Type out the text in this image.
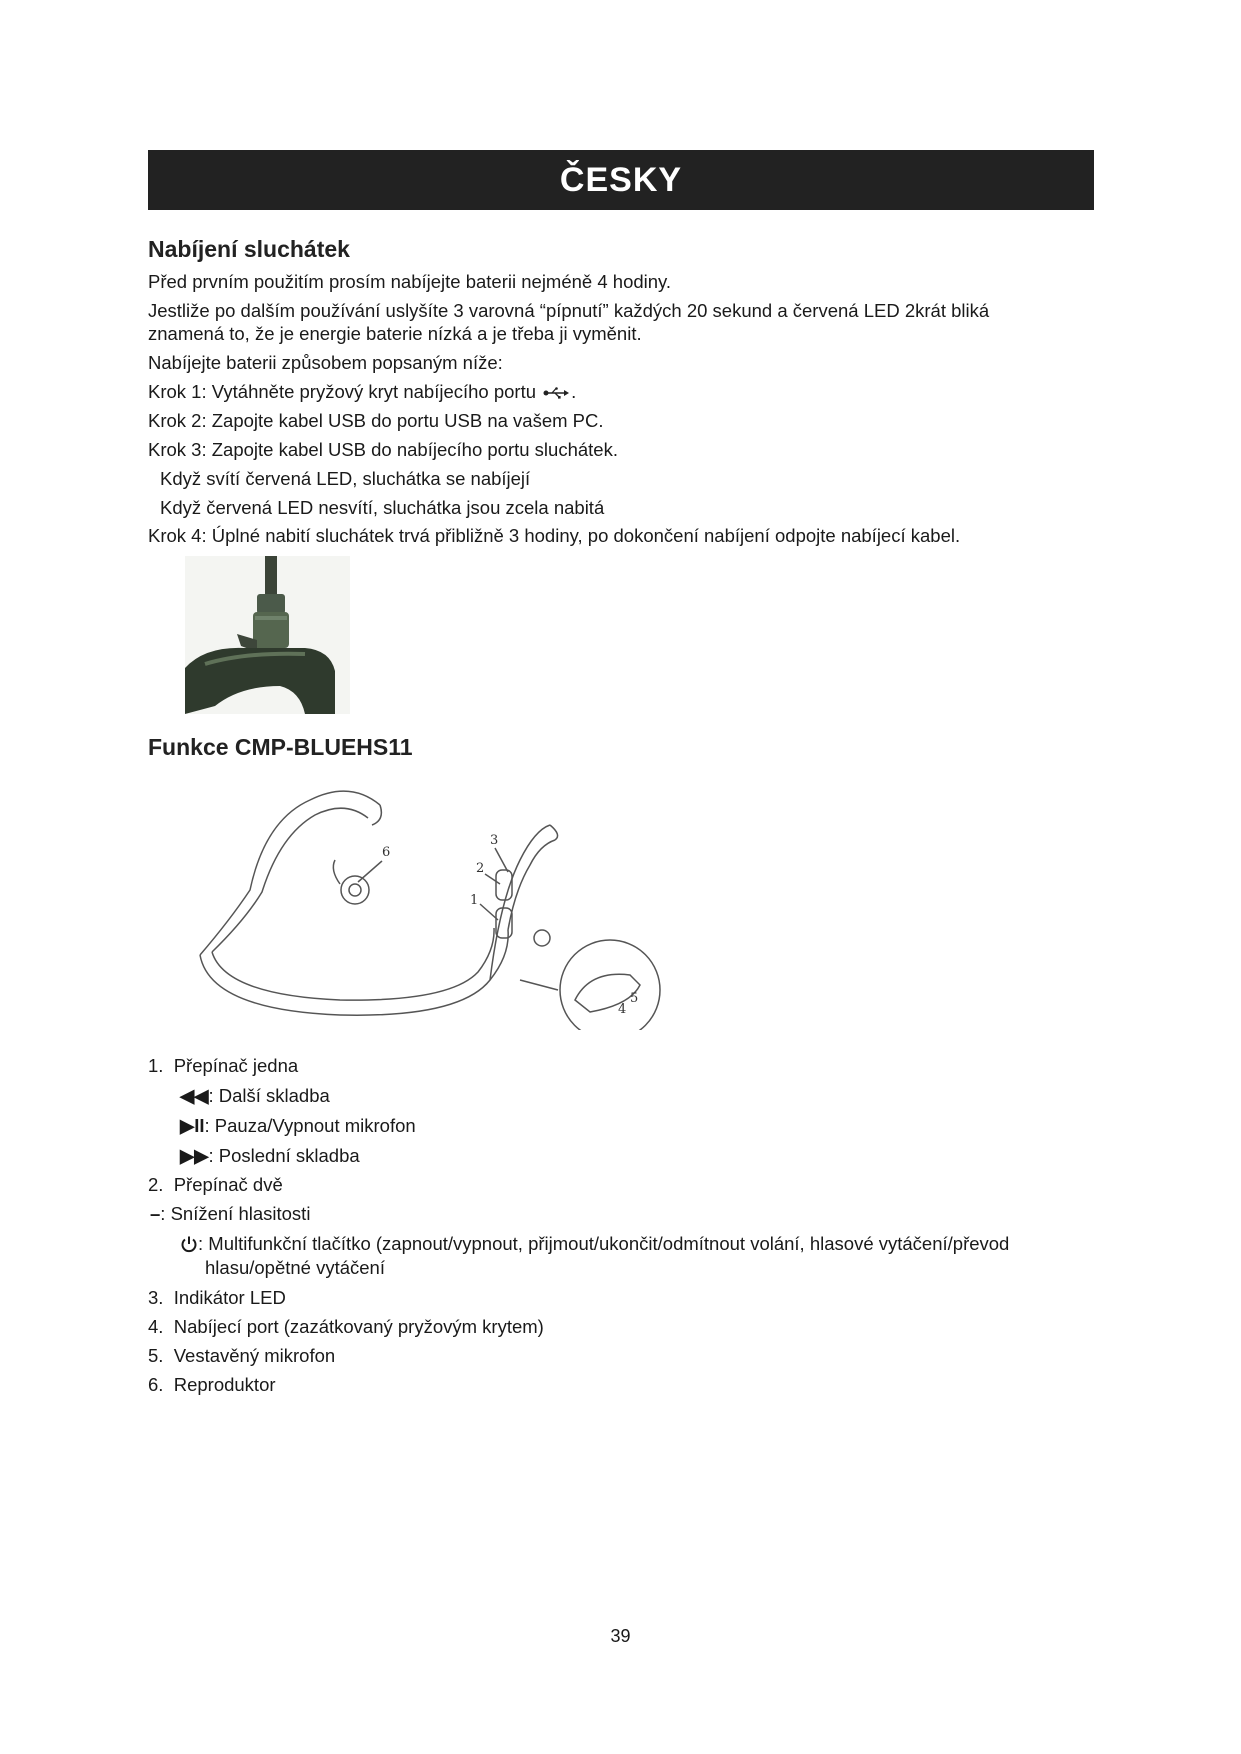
ČESKY
Nabíjení sluchátek
Před prvním použitím prosím nabíjejte baterii nejméně 4 hodiny.
Jestliže po dalším používání uslyšíte 3 varovná “pípnutí” každých 20 sekund a červená LED 2krát bliká
znamená to, že je energie baterie nízká a je třeba ji vyměnit.
Nabíjejte baterii způsobem popsaným níže:
Krok 1: Vytáhněte pryžový kryt nabíjecího portu .
Krok 2: Zapojte kabel USB do portu USB na vašem PC.
Krok 3: Zapojte kabel USB do nabíjecího portu sluchátek.
Když svítí červená LED, sluchátka se nabíjejí
Když červená LED nesvítí, sluchátka jsou zcela nabitá
Krok 4: Úplné nabití sluchátek trvá přibližně 3 hodiny, po dokončení nabíjení odpojte nabíjecí kabel.
Funkce CMP-BLUEHS11
1
2
3
4
5
6
1. Přepínač jedna
◀◀: Další skladba
▶II: Pauza/Vypnout mikrofon
▶▶: Poslední skladba
2. Přepínač dvě
–: Snížení hlasitosti
: Multifunkční tlačítko (zapnout/vypnout, přijmout/ukončit/odmítnout volání, hlasové vytáčení/převod
hlasu/opětné vytáčení
3. Indikátor LED
4. Nabíjecí port (zazátkovaný pryžovým krytem)
5. Vestavěný mikrofon
6. Reproduktor
39
